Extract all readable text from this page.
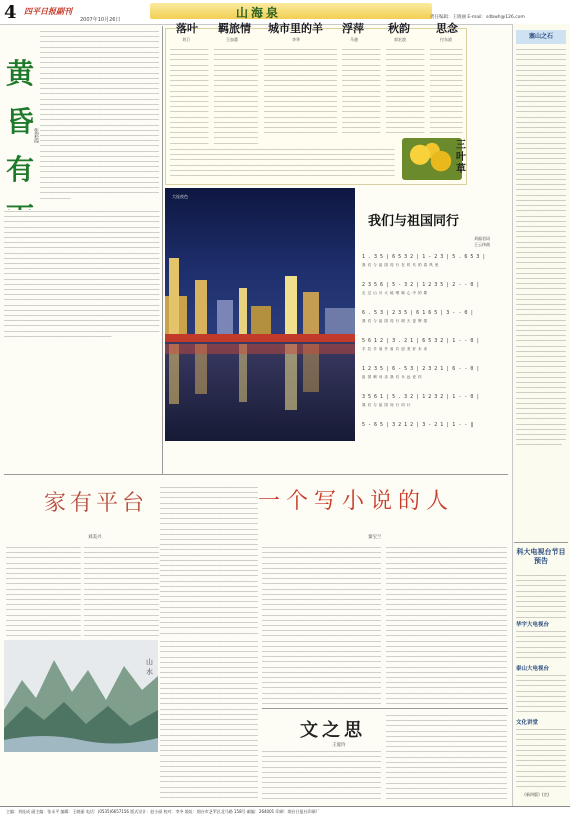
4 四平日报副刊
2007年10月26日	山海泉	责任编辑：王晓丽 E-mail：sdbwh@126.com
黄昏有
张彩霞
────────────────────────────────────────────────────────────────────────────────────────────────────────────────────────────────────────────────────────────────────────────────────────────────────────────────────────────────────────────────────────────────────────────────────────────────────────────────────────────────────────────────────────────────────────────────────────────────────────────────────────────────────────────────────────────────────────────────────────────────────────────────────────────────────────────────────────────────────────────────────────────────────────────────────────────────────────────────────────────────────────────────────────────────────────────────────────────────────────────────────────────────────────────────────────────────────────────────────────────────────────────────────────────────────────────────────────────────────────────────────────────────────────────────────────────────────────────────────────────────────────────────────────────────────────────────────────────────────────────────────────────────────────────────────────────────────────────────────────────────────────────────────────────────────────────────────────────────────────────────────────────────────────────────────────────────────────────────────────────────────────────────────────────────────────────────────────────────────────────────────────────────────────────────────────────────────────────────────────────────────────────────────────────────────────────────────────────────────────────────────────────────────────────────────────────────────────────────────────────────────────────────────────────────────────────────────────────────────────────────────────────────────────────────────────────────────────────────────────────────────────────────────────────────────────────────────────────────────────────────────────────────────────────────────────────────────────────────────────────────────────────────────────────────────────────────────────────────────────────────
────────────────────────────────────────────────────────────────────────────────────────────────────────────────────────────────────────────────────────────────────────────────────────────────────────────────────────────────────────────────────────────────────────────────────────────────────────────────────────────────────────────────────────────────────────────────────────────────────────────────────────────────────────────────────────────────────────────────────────────────────────────────────────────────────────────────────────────────────────────────────────────────────────────────────────────────────────────────────────────────────────────────────────────────────────────────────────────────────────────────────────────────────────────────────────────────────────────────────────────────────────────────────────────────────────────────────────────────────────────────────────────────────────────────────────────────────────────────────────────────────────────────────────────────────────────────────────────────────────────────────────────────────────────────────────────────────────────────────────────────────────────────────────────────────────────────────────────────────────────────────────────────────────────────────────────────────────────────────────────────────────────────────────────────────────────────────────────────────────────────────────────────────────────────────────────────────────────────────────────────────────────────────────────────────────────────────────────────────────────────────────────────────────────────────────────────────────────────────────────────────────────────────────────────────────────────────────────────────────────────────────────────────────────────────────────────────────────────────────────────────────────────────────────────────────────────────────────────────────────────────────────────────────────────────────────────────────────────────────────────────────────────────────────────────────────────────────────────────────────────
落叶
刘卫
羁旅情
王加董
城市里的羊
李华
浮萍
马骏
秋韵
郭宏波
思念
付东波
────────────────────────────────────────────────────────────────────────────────────────────────────────────────────────────────────────────────────────────────────────────────────────────────────────────────────────────────────────────────────────────────────────────────────────────────────────────────────────────────────────────────────────────────────────────────────────────
─────────────────────────────────────────────────────────────────────────────────────────────────────────────────────────────────────────────────────────────────────────────────────────────────────────────────────────────────────────────────────────────────────────────────────────────────────────────────────────────────────────────────────────────────────────────────────────────────────────────────────────────────────────────────────
──────────────────────────────────────────────────────────────────────────────────────────────────────────────────────────────────────────────────────────────────────────────────────────────────────────────────────────────────────────────────────────────────────────────────────────────────────────────────────────────────────────────────────────────────────────────────────────────────────────────────────────────────────────────────────────────────────────────────────────────────────────────────────────────────────────────────────────────────────────────────────────────────────────────────────────────────────────────────────────────────────
──────────────────────────────────────────────────────────────────────────────────────────────────────────────────────────────────────────────────────────────────────────────────────────────────────────────────────────────────────────────────────────────────────────────────────────────────────────────────────────────────────────────────────────────────────────────────────────────────────────────────────────────────────────────────────────────────────────────────────────────────────────────────────────────────────────────────────────────────────────────────────────────────────────────────────────────────────────────────────────────────────────────────────────────────────────────────────────────
────────────────────────────────────────────────────────────────────────────────────────────────────────────────────────────────────────────────────────────────────────────────────────────────────────────────────────────────────────────────────────────────────────────────────────────────────────────────────────────────────────────────────
────────────────────────────────────────────────────────────────────────────────────────────────────────────────────────────────────────────────────────────────────────────────────────────────────────────────────────────────────────────────────────────────────────────────────────────────────────────────────────────────────────────────────
─────────────────────────────────────────────────────────────────────────────────────────────────────────────────────────────────────────────────────────────────────────────────────────────────────────────────────────────────────────────────────────────────────────────────────────────────
三叶草
大连夜色
我们与祖国同行
刘福君词
王云伟曲
1 . 3 5 | 6 5 3 2 | 1 - 2 3 | 5 . 6 5 3 |
我 们 与 祖 国 同 行 在 时 代 的 春 风 里
2 3 5 6 | 5 - 3 2 | 1 2 3 5 | 2 - - 0 |
走 过 山 川 大 地 唱 响 心 中 的 歌
6 . 5 3 | 2 3 5 | 6 1 6 5 | 3 - - 0 |
我 们 与 祖 国 同 行 明 天 更 辉 煌
5 6 1 2 | 3 . 2 1 | 6 5 3 2 | 1 - - 0 |
手 拉 手 肩 并 肩 共 创 美 好 未 来
1 2 3 5 | 6 - 5 3 | 2 3 2 1 | 6 - - 0 |
祖 国 啊 母 亲 我 们 永 远 爱 你
3 5 6 1 | 5 . 3 2 | 1 2 3 2 | 1 - - 0 |
我 们 与 祖 国 同 行 同 行
5 - 6 5 | 3 2 1 2 | 3 - 2 1 | 1 - - ‖
家有平台
刘美兴
──────────────────────────────────────────────────────────────────────────────────────────────────────────────────────────────────────────────────────────────────────────────────────────────────────────────────────────────────────────────────────────────────────────────────────────────────────────────────────────────────────────────────────────────────────────────────────────────────────────────────────────────────────────────────────────────────────────────────────────────────────────────────────────────────────────────────────────────────────────────────────────────────────────────────────────────────────────────────────────────────────────────────────────────────────────────────────────────
──────────────────────────────────────────────────────────────────────────────────────────────────────────────────────────────────────────────────────────────────────────────────────────────────────────────────────────────────────────────────────────────────────────────────────────────────────────────────────────────────────────────────────────────────────────────────────────────────────────────────────────────────────────────────────────────────────────────────────────────────────────────────────────────────────────────────────────────────────────────────────────────────────────────────────────────────────────────────────────────────────────────────────────────────────────────────────────────
山
水
───────────────────────────────────────────────────────────────────────────────────────────────────────────────────────────────────────────────────────────────────────────────────────────────────────────────────────────────────────────────────────────────────────────────────────────────────────────────────────────────────────────────────────────────────────────────────────────────────────────────────────────────────────────────────────────────────────────────────────────────────────────────────────────────────────────────────────────────────────────────────────────────────────────────────────────────────────────────────────────────────────────────────────────────────────────────────────────────────────────────────────────────────────────────────────────────────────────────────────────────────────────────────────────────────────────────────────────────────────────────────────────────────────────────────────────────────────────────────────────────────────────────────────────────────────────────────────────────────────────────────────────────────────────────────────────────────────────────────────────────────────────────────────────────────────────────────────────────────────────────────────────────────────────────────────────────────────────────────────────────────────────────────────────────────────────────────────────────────────────────────────────────────────────────────────────────────────────────────────────────────────────────────────────────────────
─────────────────────────────────────────────────────────────────────────────────────────────────────────────────────────────────────────────────────────────────────────────────────────────────────────────────────────────────────────────────────────────────────────────────────────────────────────────────────────────────────────────────────────────────────────────────────────────────────────────────────────────────────────────────────────────────────────────────────────────────────────────────────────────────────────────────────────────────────────────────────────────────────────────────────────────────────────────────────────────────────────────────────────────────────────────────────────────────────────────────────────────────────────────────────────────────────────────────────────────────────────────────────────────────────────────────────────────────────────────────────────────────────────────────────────────────────────────────────────────────────────────────────────────────────────────────────────────────────────────────────────────────────────────────────────────────────────────────────────────────────────────────────────────────────────────────────────────────────────────────────────────────────────────────────────────────────────────────────────────────────────────────────────────────────────────────────────────────────────────────────────────────────────────────────────────────────────────────────────────────────────────────────────────────────────────────────────────────────────────────────────────────────────────────────────────────────────────
一个写小说的人
秦宝兰
──────────────────────────────────────────────────────────────────────────────────────────────────────────────────────────────────────────────────────────────────────────────────────────────────────────────────────────────────────────────────────────────────────────────────────────────────────────────────────────────────────────────────────────────────────────────────────────────────────────────────────────────────────────────────────────────────────────────────────────────────────────────────────────────────────────────────────────────────────────────────────────────────────────────────────────────────────────────────────────────────────────────────────────────────────────────────────────────────────────────────────────────────────────────────────────────────────────────────────────────────────────────────────────────────────────────────────────────────────────────────────────────────────────────────────────────────────────────────────────────────────────────────────────────────────────────────────────────────────────────────────────────────────────────────────────────────────────────────────────────────────────────────────────────────────────────────────────────────────────────────────────────────────────────────────────────────────────────────────────────────────────────────────────────────────────────────────────────────────────────────────────────────────────────────────────────────────────────────────────────────────────────────────────────────────────────────────────────────────────────────────────────────────────────────────────────────────────────────────────────────────────────────────────────────────────────────────────────────────────────────────────────────────────────────────────────────────────────────────────────────────────────────────────────────────────────────────────────────────────────────────────────────────────────────────────────────────────────────────────────────
─────────────────────────────────────────────────────────────────────────────────────────────────────────────────────────────────────────────────────────────────────────────────────────────────────────────────────────────────────────────────────────────────────────────────────────────────────────────────────────────────────────────────────────────────────────────────────────────────────────────────────────────────────────────────────────────────────────────────────────────────────────────────────────────────────────────────────────────────────────────────────────────────────────────────────────────────────────────────────────────────────────────────────────────────────────────────────────────────────────────────────────────────────────────────────────────────────────────────────────────────────────────────────────────────────────────────────────────────────────────────────────────────────────────────────────────────────────────────────────────────────────────────────────────────────────────────────────────────────────────────────────────────────────────────────────────────────────────────────────────────────────────────────────────────────────────────────────────────────────────────────────────────────────────────────────────────────────────────────────────────────────────────────────────────────────────────────────────────────────────────────────────────────────────────────────────────────────────────────────────────────────────────────────────────────────────────────────────────────────────────────────────────────────────────────────────────────────────────────────────────────────────────────────────────────────────────────────────────────────────────────────────────────────────────────────────────────────────────────────────────────────────────────────────────────────────────────────────────────────────────────────────────────────────────────────────────────────────────────────────────────────────────────────────────
文之思
王爱玲
────────────────────────────────────────────────────────────────────────────────────────────────────────────────────────────────────────────────────────────────────────────────────────────────────────────────────────────────────────────────────────────────────────────────────────────────────────────────────────────────────────────────────────────────────────────────────────────────────────────────────────────────────────────────────────────────────────────────────────────────────────────────────────────────────────────────────────────────────────────────────────────────────────────────────────────────────────────
───────────────────────────────────────────────────────────────────────────────────────────────────────────────────────────────────────────────────────────────────────────────────────────────────────────────────────────────────────────────────────────────────────────────────────────────────────────────────────────────────────────────────────────────────────────────────────────────────────────────────────────────────────────────────────────────────────────────────────────────────────────────────────────────────────────────────────────────────────────────────────────────────────────────────────────────────────────────────────────────────────────────────────────────────────────────────────────────────────────────────────────────────────────────────────────────────────────────────────────────────────────────────────────────────────────────────────────────────────────────────────────────────────────────────────────────────────────────────────────────────────────────────────────────────────────────────────────────────────────────────────────────────────────────
塞山之石
────────────────────────────────────────────────────────────────────────────────────────────────────────────────────────────────────────────────────────────────────────────────────────────────────────────────────────────────────────────────────────────────────────────────────────────────────────────────────────────────────────────────────────────────────────────────────────────────────────────────────────────────────────────────────────────────────────────────────────────────────────────────────────────────────────────────────────────────────────────────────────────────────────────────────────────────────────────────────────────────────────────────────────────────────────────────────────────────────────────────────────────────────────────────────────────────────────────────────────────────────────────────────────────────────────────────────────────────────────────────────────────────────────────────────────────────────────────────────────────────────────────────────────────────────────────────────────────────────────────────────────────────────────────────────────────────────────────────────────────────────────────────────────────────────────────────────────────────────────────────────────────────────────────────────────────────────────────────────────────────────────────────────────────────────────────────────────────────────────────────────────────────────────────────────────────────────────────────────────────────────────────────────────────────────────────────────────────────────────────────────────────────────────────────────────────────────────────────────────────────────────────────────────────────────────────────────────────────────────────────────────────────────────────────────────────────────────────────────────────────────────────────────────────────────────────────────────────────────────────────────────────────────────────────────────────────────────────────────────────────────────────────────────────────────────────────────────────────────────────────
科大电视台节目预告
──────────────────────────────────────────────────────────────────────────────────────────────────────────────────────────────────────────────────────────────────────────────────────────────────────────────────────────────────────────
华宇大电视台
────────────────────────────────────────────────────────────────────────────────────────────────────────────────────────────────────────────────────────────
泰山大电视台
────────────────────────────────────────────────────────────────────────────────────────────────────────────────────────────────────────────────────────────────────────────────────────────────────────────────
文化讲堂
────────────────────────────────────────────────────────────────────────────────────────────────────────────────────────────────────────────────────────────────────────────────────────────────────────────────────────────────────────────────────────────────────────────────────────────────────────────────────────
《新四版》(完)
主编：刘连成 副主编：张永平 编辑：王晓丽 电话：(0535)6657156 版式设计：赵小丽 校对：李冬 地址：烟台市芝罘区北马路 158号 邮编：264001 印刷：烟台日报社印刷厂
